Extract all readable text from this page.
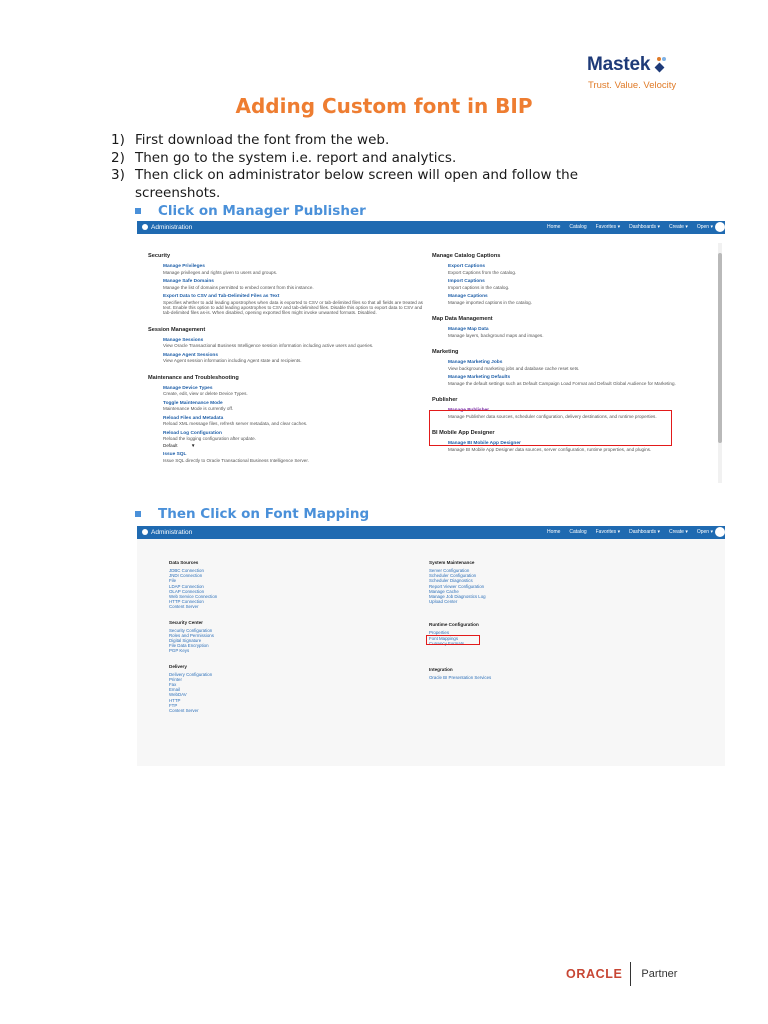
Mastek
Trust. Value. Velocity
Adding Custom font in BIP
1) First download the font from the web.
2) Then go to the system i.e. report and analytics.
3) Then click on administrator below screen will open and follow the screenshots.
Click on Manager Publisher
Administration	Home Catalog Favorites ▾ Dashboards ▾ Create ▾ Open ▾
Security
Manage Privileges
Manage privileges and rights given to users and groups.
Manage Safe Domains
Manage the list of domains permitted to embed content from this instance.
Export Data to CSV and Tab-Delimited Files as Text
Specifies whether to add leading apostrophes when data is exported to CSV or tab-delimited files so that all fields are treated as text. Enable this option to add leading apostrophes to CSV and tab-delimited files. Disable this option to export data to CSV and tab-delimited files as-is. When disabled, opening exported files might invoke unwanted formats. Disabled.
Session Management
Manage Sessions
View Oracle Transactional Business Intelligence session information including active users and queries.
Manage Agent Sessions
View Agent session information including Agent state and recipients.
Maintenance and Troubleshooting
Manage Device Types
Create, edit, view or delete Device Types.
Toggle Maintenance Mode
Maintenance Mode is currently off.
Reload Files and Metadata
Reload XML message files, refresh server metadata, and clear caches.
Reload Log Configuration
Reload the logging configuration after update.
Default	▼
Issue SQL
Issue SQL directly to Oracle Transactional Business Intelligence Server.
Manage Catalog Captions
Export Captions
Export Captions from the catalog.
Import Captions
Import captions in the catalog.
Manage Captions
Manage imported captions in the catalog.
Map Data Management
Manage Map Data
Manage layers, background maps and images.
Marketing
Manage Marketing Jobs
View background marketing jobs and database cache reset sets.
Manage Marketing Defaults
Manage the default settings such as Default Campaign Load Format and Default Global Audience for Marketing.
Publisher
Manage Publisher
Manage Publisher data sources, scheduler configuration, delivery destinations, and runtime properties.
BI Mobile App Designer
Manage BI Mobile App Designer
Manage BI Mobile App Designer data sources, server configuration, runtime properties, and plugins.
Then Click on Font Mapping
Administration	Home Catalog Favorites ▾ Dashboards ▾ Create ▾ Open ▾
Data Sources
JDBC Connection
JNDI Connection
File
LDAP Connection
OLAP Connection
Web Service Connection
HTTP Connection
Content Server
Security Center
Security Configuration
Roles and Permissions
Digital Signature
File Data Encryption
PGP Keys
Delivery
Delivery Configuration
Printer
Fax
Email
WebDAV
HTTP
FTP
Content Server
System Maintenance
Server Configuration
Scheduler Configuration
Scheduler Diagnostics
Report Viewer Configuration
Manage Cache
Manage Job Diagnostics Log
Upload Center
Runtime Configuration
Properties
Font Mappings
Currency Formats
Integration
Oracle BI Presentation Services
ORACLE Partner
